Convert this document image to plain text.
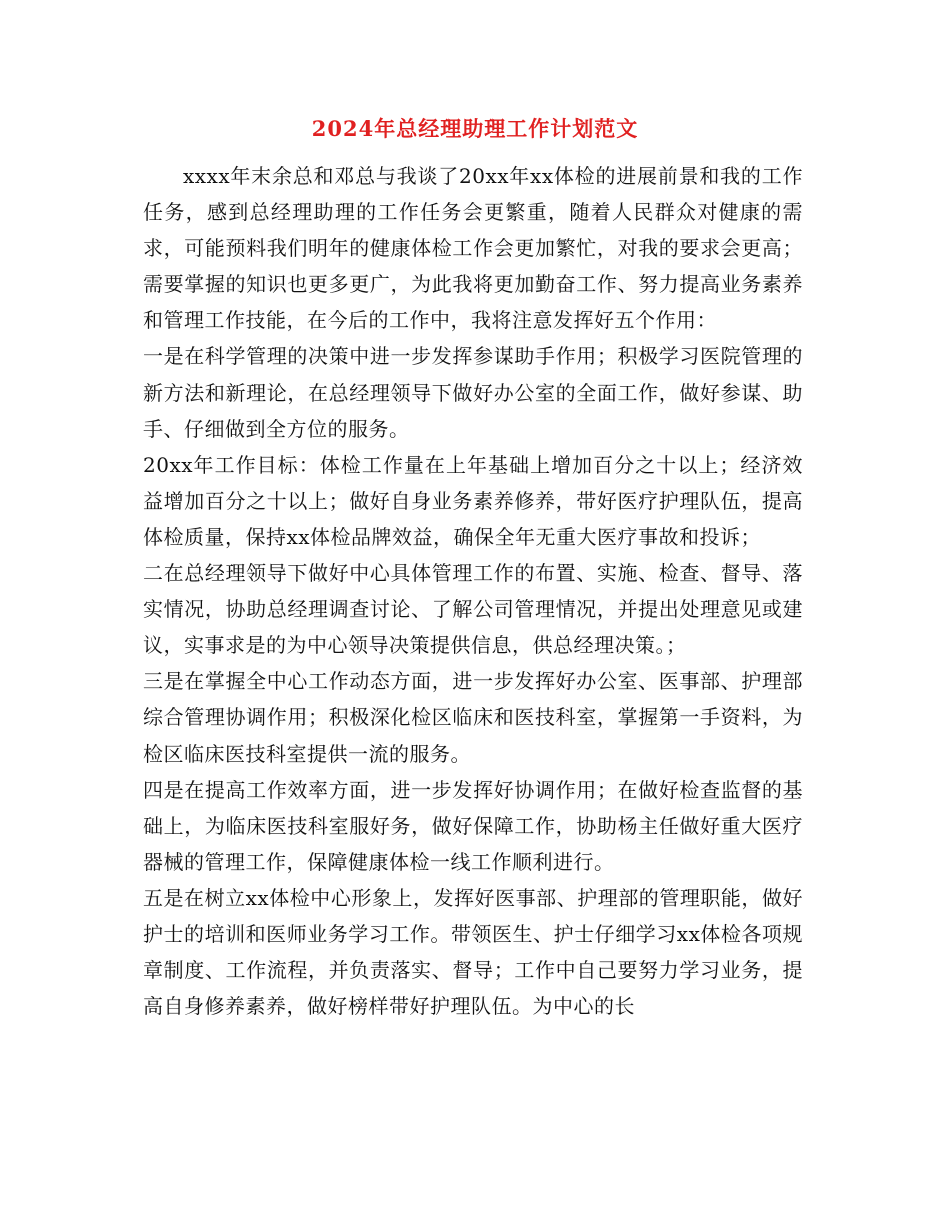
2024年总经理助理工作计划范文

xxxx年末余总和邓总与我谈了20xx年xx体检的进展前景和我的工作任务，感到总经理助理的工作任务会更繁重，随着人民群众对健康的需求，可能预料我们明年的健康体检工作会更加繁忙，对我的要求会更高；需要掌握的知识也更多更广，为此我将更加勤奋工作、努力提高业务素养和管理工作技能，在今后的工作中，我将注意发挥好五个作用：

一是在科学管理的决策中进一步发挥参谋助手作用；积极学习医院管理的新方法和新理论，在总经理领导下做好办公室的全面工作，做好参谋、助手、仔细做到全方位的服务。

20xx年工作目标：体检工作量在上年基础上增加百分之十以上；经济效益增加百分之十以上；做好自身业务素养修养，带好医疗护理队伍，提高体检质量，保持xx体检品牌效益，确保全年无重大医疗事故和投诉；

二在总经理领导下做好中心具体管理工作的布置、实施、检查、督导、落实情况，协助总经理调查讨论、了解公司管理情况，并提出处理意见或建议，实事求是的为中心领导决策提供信息，供总经理决策。；

三是在掌握全中心工作动态方面，进一步发挥好办公室、医事部、护理部综合管理协调作用；积极深化检区临床和医技科室，掌握第一手资料，为检区临床医技科室提供一流的服务。

四是在提高工作效率方面，进一步发挥好协调作用；在做好检查监督的基础上，为临床医技科室服好务，做好保障工作，协助杨主任做好重大医疗器械的管理工作，保障健康体检一线工作顺利进行。

五是在树立xx体检中心形象上，发挥好医事部、护理部的管理职能，做好护士的培训和医师业务学习工作。带领医生、护士仔细学习xx体检各项规章制度、工作流程，并负责落实、督导；工作中自己要努力学习业务，提高自身修养素养，做好榜样带好护理队伍。为中心的长
